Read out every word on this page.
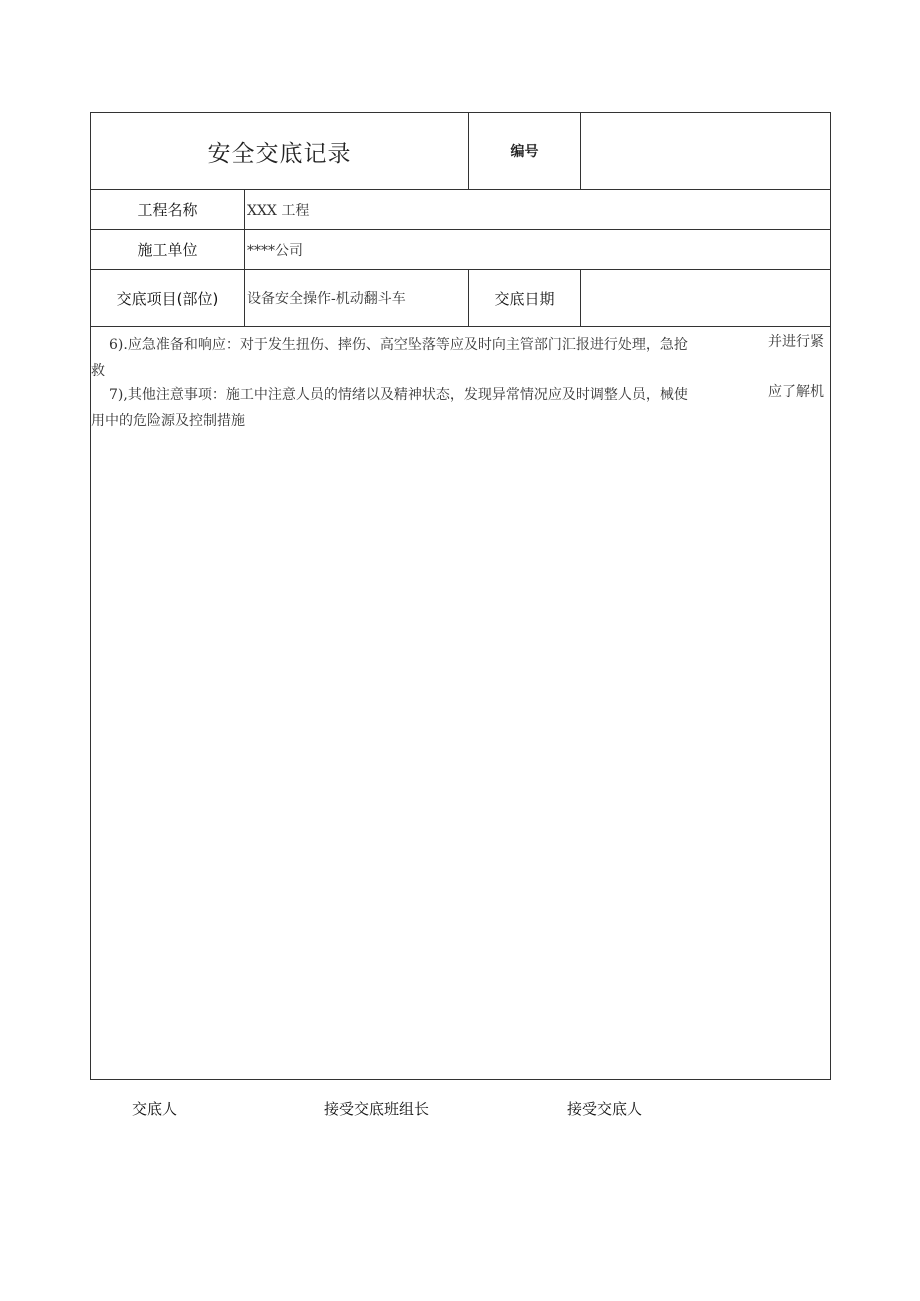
安全交底记录	编号
工程名称	XXX 工程
施工单位	****公司
交底项目(部位) 设备安全操作-机动翻斗车	交底日期
6).应急准备和响应：对于发生扭伤、摔伤、高空坠落等应及时向主管部门汇报进行处理，急抢	并进行紧
救
7),其他注意事项：施工中注意人员的情绪以及精神状态，发现异常情况应及时调整人员，械使	应了解机
用中的危险源及控制措施
交底人	接受交底班组长	接受交底人
